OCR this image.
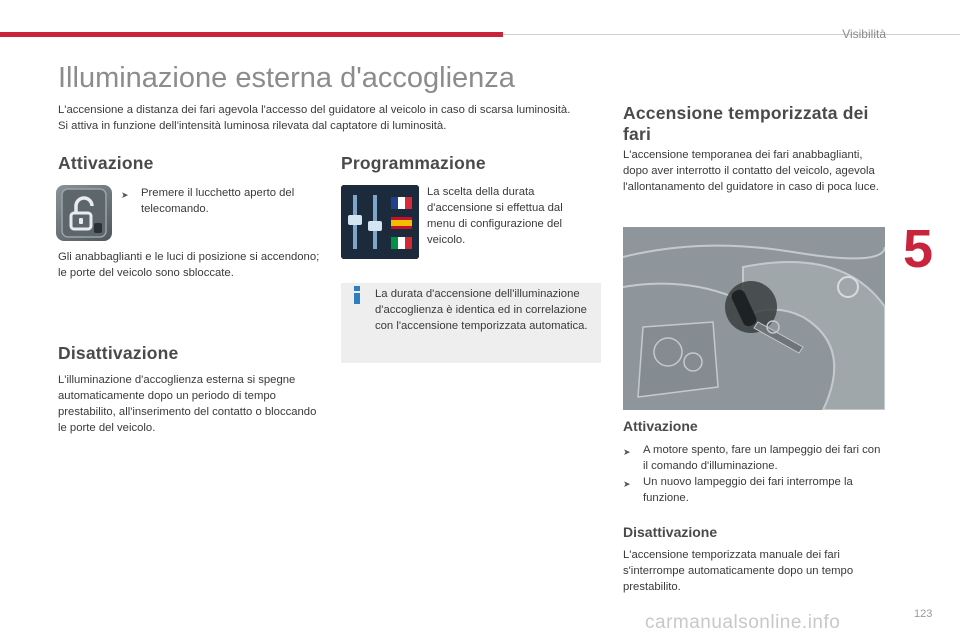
Visibilità
5
123
Illuminazione esterna d'accoglienza
L'accensione a distanza dei fari agevola l'accesso del guidatore al veicolo in caso di scarsa luminosità. Si attiva in funzione dell'intensità luminosa rilevata dal captatore di luminosità.
Attivazione
➤	Premere il lucchetto aperto del telecomando.
Gli anabbaglianti e le luci di posizione si accendono; le porte del veicolo sono sbloccate.
Disattivazione
L'illuminazione d'accoglienza esterna si spegne automaticamente dopo un periodo di tempo prestabilito, all'inserimento del contatto o bloccando le porte del veicolo.
Programmazione
La scelta della durata d'accensione si effettua dal menu di configurazione del veicolo.
La durata d'accensione dell'illuminazione d'accoglienza è identica ed in correlazione con l'accensione temporizzata automatica.
Accensione temporizzata dei fari
L'accensione temporanea dei fari anabbaglianti, dopo aver interrotto il contatto del veicolo, agevola l'allontanamento del guidatore in caso di poca luce.
Attivazione
➤	A motore spento, fare un lampeggio dei fari con il comando d'illuminazione.
➤	Un nuovo lampeggio dei fari interrompe la funzione.
Disattivazione
L'accensione temporizzata manuale dei fari s'interrompe automaticamente dopo un tempo prestabilito.
carmanualsonline.info
